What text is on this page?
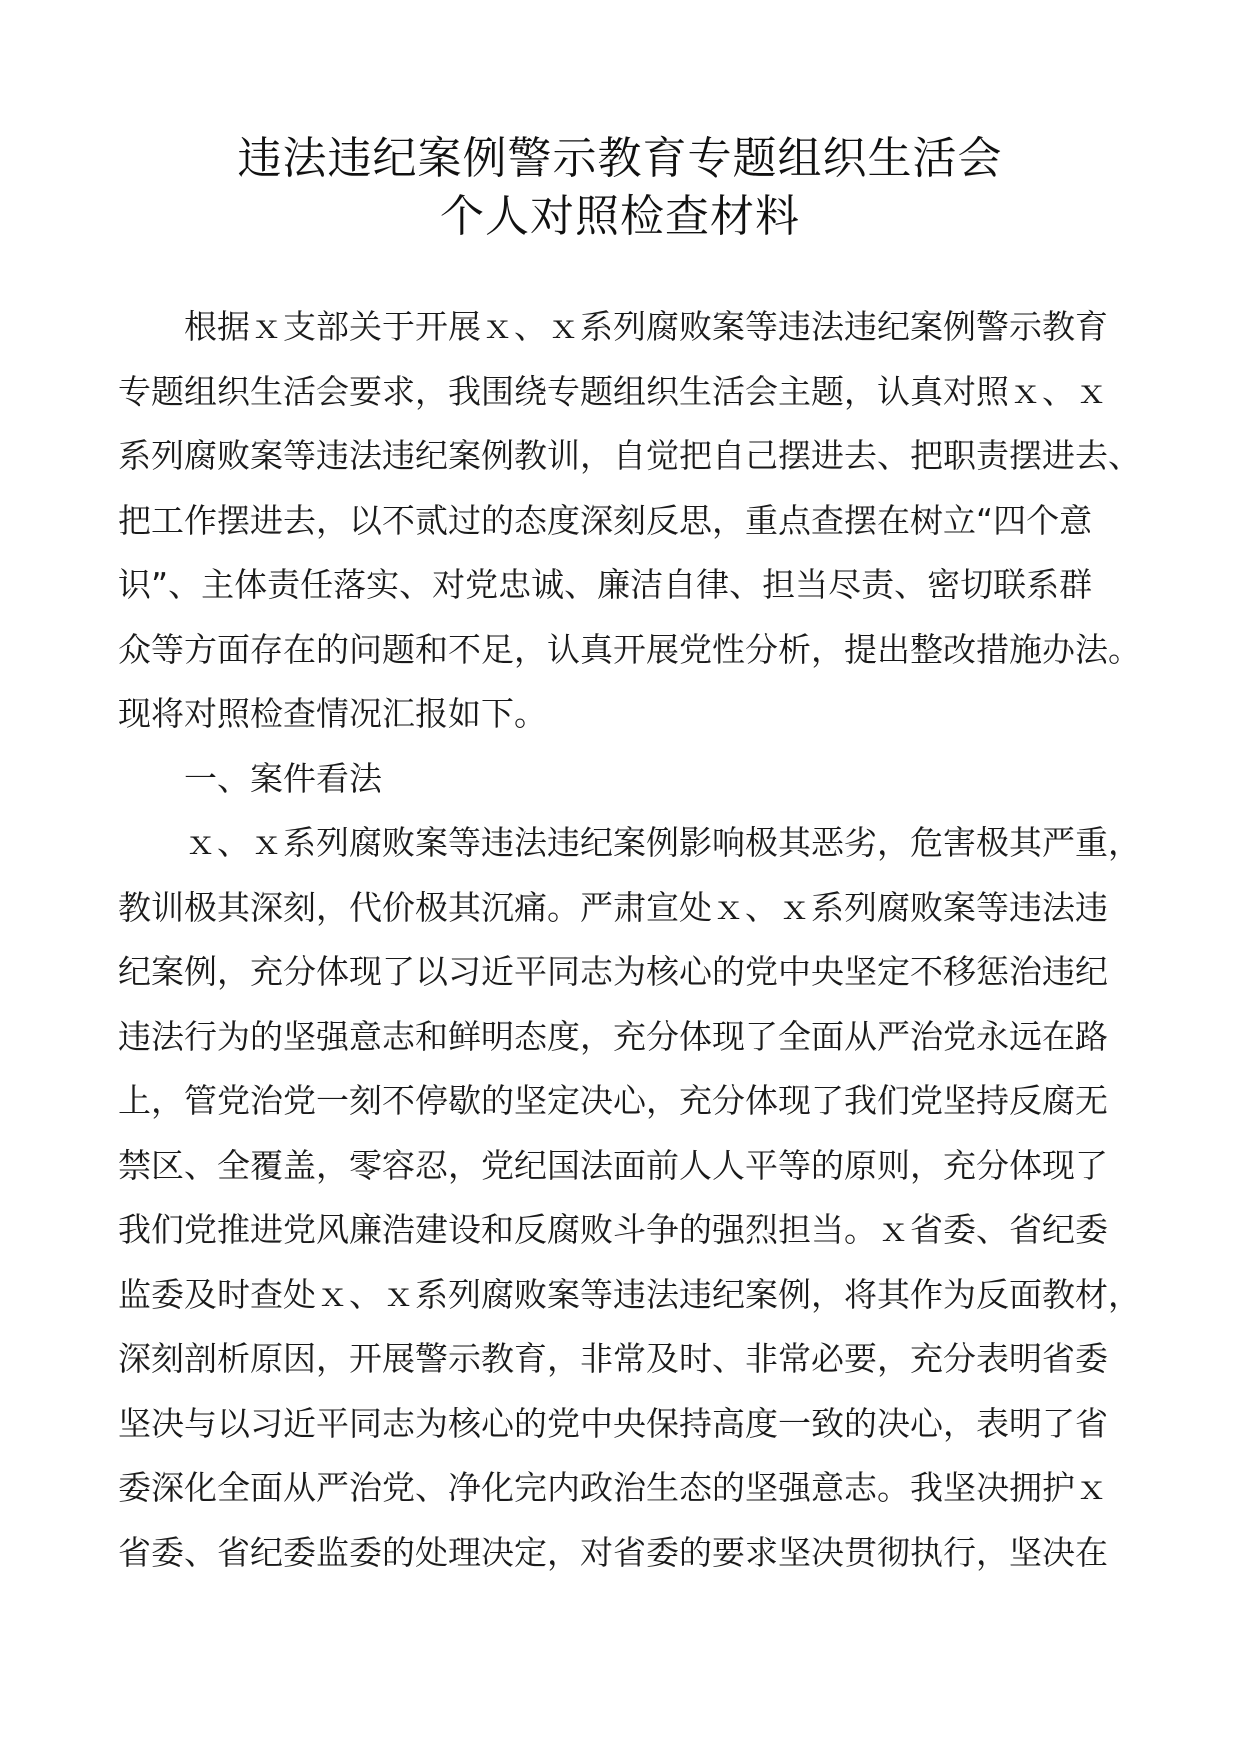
违法违纪案例警示教育专题组织生活会
个人对照检查材料
根据ｘ支部关于开展ｘ、ｘ系列腐败案等违法违纪案例警示教育
专题组织生活会要求，我围绕专题组织生活会主题，认真对照ｘ、ｘ
系列腐败案等违法违纪案例教训，自觉把自己摆进去、把职责摆进去、
把工作摆进去，以不贰过的态度深刻反思，重点查摆在树立“四个意
识”、主体责任落实、对党忠诚、廉洁自律、担当尽责、密切联系群
众等方面存在的问题和不足，认真开展党性分析，提出整改措施办法。
现将对照检查情况汇报如下。
一、案件看法
ｘ、ｘ系列腐败案等违法违纪案例影响极其恶劣，危害极其严重，
教训极其深刻，代价极其沉痛。严肃宣处ｘ、ｘ系列腐败案等违法违
纪案例，充分体现了以习近平同志为核心的党中央坚定不移惩治违纪
违法行为的坚强意志和鲜明态度，充分体现了全面从严治党永远在路
上，管党治党一刻不停歇的坚定决心，充分体现了我们党坚持反腐无
禁区、全覆盖，零容忍，党纪国法面前人人平等的原则，充分体现了
我们党推进党风廉浩建设和反腐败斗争的强烈担当。ｘ省委、省纪委
监委及时查处ｘ、ｘ系列腐败案等违法违纪案例，将其作为反面教材，
深刻剖析原因，开展警示教育，非常及时、非常必要，充分表明省委
坚决与以习近平同志为核心的党中央保持高度一致的决心，表明了省
委深化全面从严治党、净化完内政治生态的坚强意志。我坚决拥护ｘ
省委、省纪委监委的处理决定，对省委的要求坚决贯彻执行，坚决在
